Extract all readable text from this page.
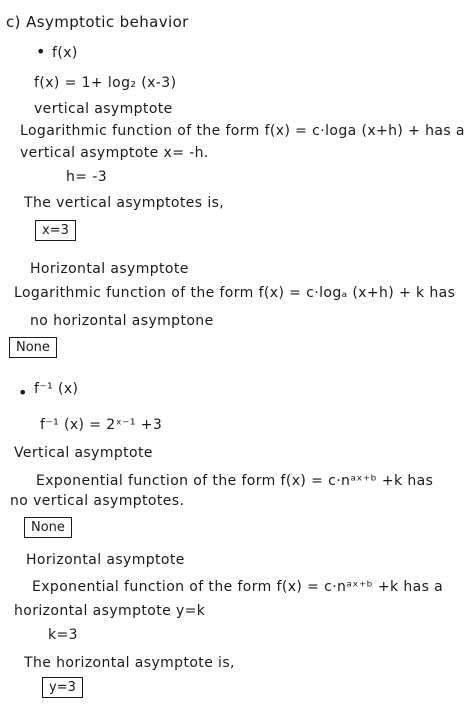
c) Asymptotic behavior
• f(x)
f(x) = 1+ log₂ (x-3)
vertical asymptote
Logarithmic function of the form f(x) = c·loga (x+h) + has a
vertical asymptote x= -h.
h= -3
The vertical asymptotes is,
x=3
Horizontal asymptote
Logarithmic function of the form f(x) = c·logₐ (x+h) + k has
no horizontal asymptone
None
• f⁻¹ (x)
f⁻¹ (x) = 2ˣ⁻¹ +3
Vertical asymptote
Exponential function of the form f(x) = c·nᵃˣ⁺ᵇ +k has
no vertical asymptotes.
None
Horizontal asymptote
Exponential function of the form f(x) = c·nᵃˣ⁺ᵇ +k has a
horizontal asymptote y=k
k=3
The horizontal asymptote is,
y=3
